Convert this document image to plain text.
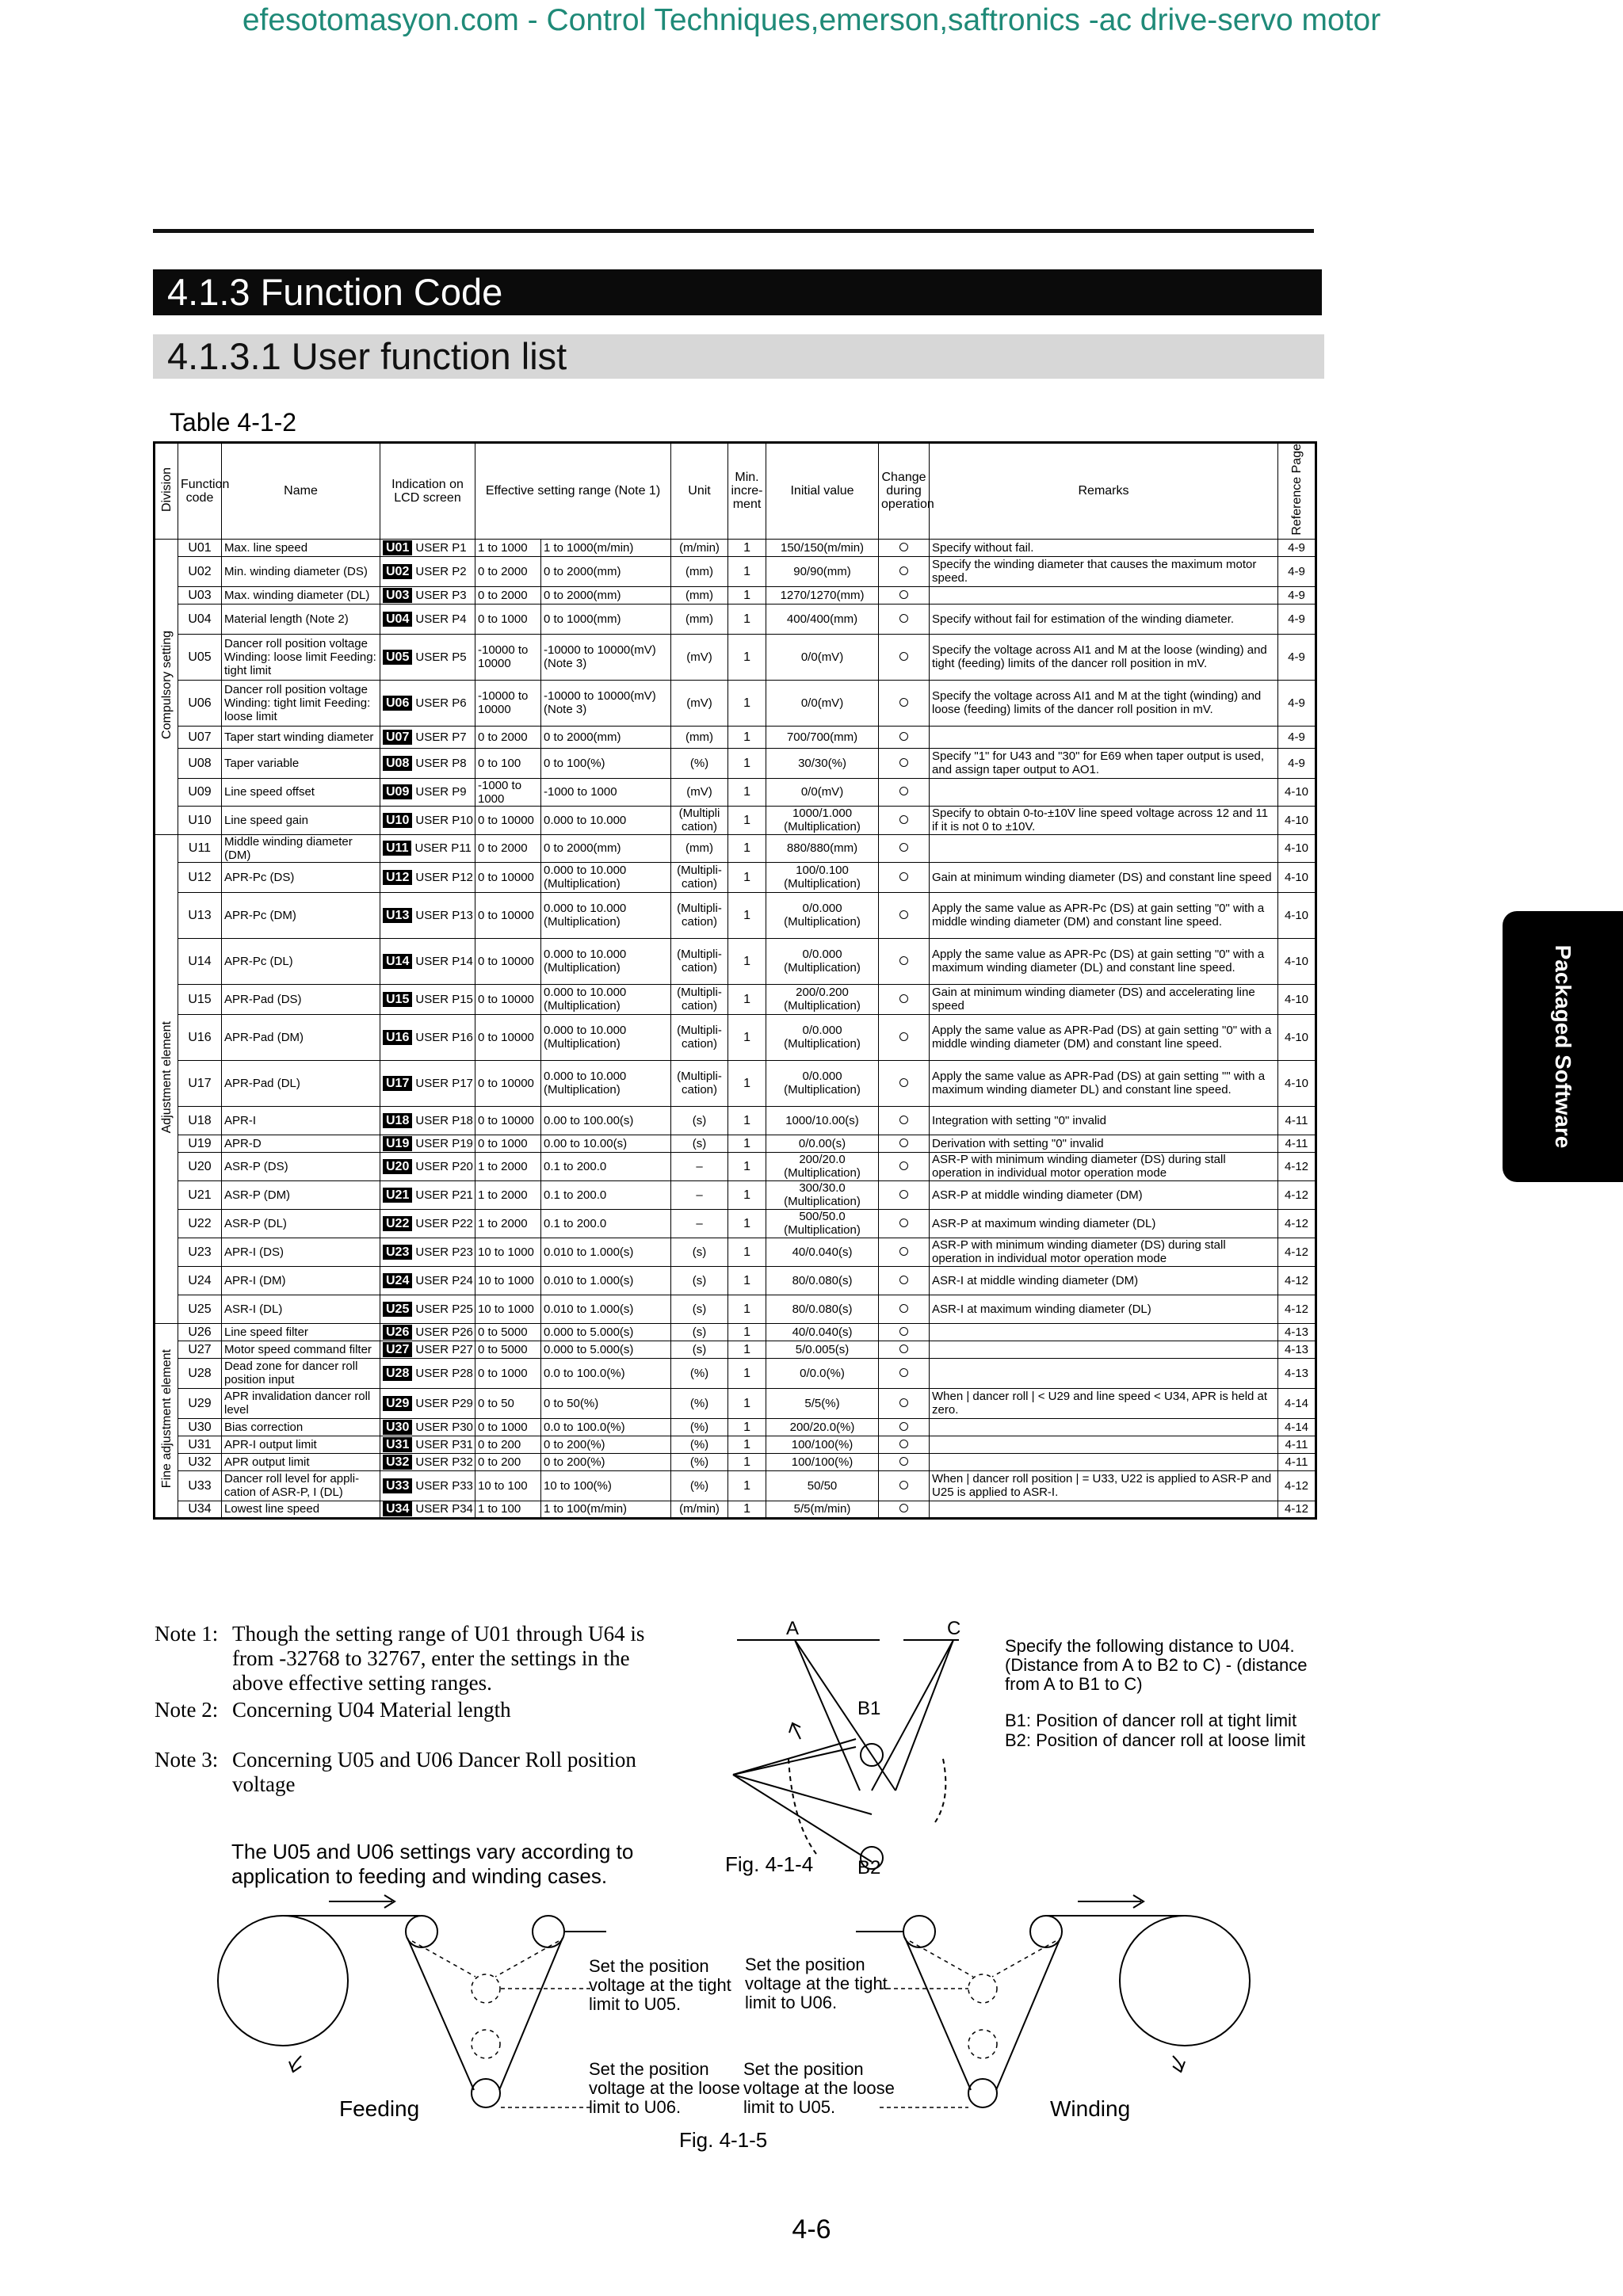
efesotomasyon.com - Control Techniques,emerson,saftronics -ac drive-servo motor
4.1.3 Function Code
4.1.3.1 User function list
Table 4-1-2
Division	Function code	Name	Indication on LCD screen	Effective setting range (Note 1)		Unit	Min. incre-ment	Initial value	Change during operation	Remarks	Reference Page
Compulsory setting	U01	Max. line speed	U01 USER P1	1 to 1000	1 to 1000(m/min)	(m/min)	1	150/150(m/min)		Specify without fail.	4-9
	U02	Min. winding diameter (DS)	U02 USER P2	0 to 2000	0 to 2000(mm)	(mm)	1	90/90(mm)		Specify the winding diameter that causes the maximum motor speed.	4-9
	U03	Max. winding diameter (DL)	U03 USER P3	0 to 2000	0 to 2000(mm)	(mm)	1	1270/1270(mm)			4-9
	U04	Material length (Note 2)	U04 USER P4	0 to 1000	0 to 1000(mm)	(mm)	1	400/400(mm)		Specify without fail for estimation of the winding diameter.	4-9
	U05	Dancer roll position voltage Winding: loose limit Feeding: tight limit	U05 USER P5	-10000 to 10000	-10000 to 10000(mV) (Note 3)	(mV)	1	0/0(mV)		Specify the voltage across AI1 and M at the loose (winding) and tight (feeding) limits of the dancer roll position in mV.	4-9
	U06	Dancer roll position voltage Winding: tight limit Feeding: loose limit	U06 USER P6	-10000 to 10000	-10000 to 10000(mV) (Note 3)	(mV)	1	0/0(mV)		Specify the voltage across AI1 and M at the tight (winding) and loose (feeding) limits of the dancer roll position in mV.	4-9
	U07	Taper start winding diameter	U07 USER P7	0 to 2000	0 to 2000(mm)	(mm)	1	700/700(mm)			4-9
	U08	Taper variable	U08 USER P8	0 to 100	0 to 100(%)	(%)	1	30/30(%)		Specify "1" for U43 and "30" for E69 when taper output is used, and assign taper output to AO1.	4-9
	U09	Line speed offset	U09 USER P9	-1000 to 1000	-1000 to 1000	(mV)	1	0/0(mV)			4-10
	U10	Line speed gain	U10 USER P10	0 to 10000	0.000 to 10.000	(Multipli cation)	1	1000/1.000 (Multiplication)		Specify to obtain 0-to-±10V line speed voltage across 12 and 11 if it is not 0 to ±10V.	4-10
Adjustment element	U11	Middle winding diameter (DM)	U11 USER P11	0 to 2000	0 to 2000(mm)	(mm)	1	880/880(mm)			4-10
	U12	APR-Pc (DS)	U12 USER P12	0 to 10000	0.000 to 10.000 (Multiplication)	(Multipli-cation)	1	100/0.100 (Multiplication)		Gain at minimum winding diameter (DS) and constant line speed	4-10
	U13	APR-Pc (DM)	U13 USER P13	0 to 10000	0.000 to 10.000 (Multiplication)	(Multipli-cation)	1	0/0.000 (Multiplication)		Apply the same value as APR-Pc (DS) at gain setting "0" with a middle winding diameter (DM) and constant line speed.	4-10
	U14	APR-Pc (DL)	U14 USER P14	0 to 10000	0.000 to 10.000 (Multiplication)	(Multipli-cation)	1	0/0.000 (Multiplication)		Apply the same value as APR-Pc (DS) at gain setting "0" with a maximum winding diameter (DL) and constant line speed.	4-10
	U15	APR-Pad (DS)	U15 USER P15	0 to 10000	0.000 to 10.000 (Multiplication)	(Multipli-cation)	1	200/0.200 (Multiplication)		Gain at minimum winding diameter (DS) and accelerating line speed	4-10
	U16	APR-Pad (DM)	U16 USER P16	0 to 10000	0.000 to 10.000 (Multiplication)	(Multipli-cation)	1	0/0.000 (Multiplication)		Apply the same value as APR-Pad (DS) at gain setting "0" with a middle winding diameter (DM) and constant line speed.	4-10
	U17	APR-Pad (DL)	U17 USER P17	0 to 10000	0.000 to 10.000 (Multiplication)	(Multipli-cation)	1	0/0.000 (Multiplication)		Apply the same value as APR-Pad (DS) at gain setting "" with a maximum winding diameter DL) and constant line speed.	4-10
	U18	APR-I	U18 USER P18	0 to 10000	0.00 to 100.00(s)	(s)	1	1000/10.00(s)		Integration with setting "0" invalid	4-11
	U19	APR-D	U19 USER P19	0 to 1000	0.00 to 10.00(s)	(s)	1	0/0.00(s)		Derivation with setting "0" invalid	4-11
	U20	ASR-P (DS)	U20 USER P20	1 to 2000	0.1 to 200.0	–	1	200/20.0 (Multiplication)		ASR-P with minimum winding diameter (DS) during stall operation in individual motor operation mode	4-12
	U21	ASR-P (DM)	U21 USER P21	1 to 2000	0.1 to 200.0	–	1	300/30.0 (Multiplication)		ASR-P at middle winding diameter (DM)	4-12
	U22	ASR-P (DL)	U22 USER P22	1 to 2000	0.1 to 200.0	–	1	500/50.0 (Multiplication)		ASR-P at maximum winding diameter (DL)	4-12
	U23	APR-I (DS)	U23 USER P23	10 to 1000	0.010 to 1.000(s)	(s)	1	40/0.040(s)		ASR-P with minimum winding diameter (DS) during stall operation in individual motor operation mode	4-12
	U24	APR-I (DM)	U24 USER P24	10 to 1000	0.010 to 1.000(s)	(s)	1	80/0.080(s)		ASR-I at middle winding diameter (DM)	4-12
	U25	ASR-I (DL)	U25 USER P25	10 to 1000	0.010 to 1.000(s)	(s)	1	80/0.080(s)		ASR-I at maximum winding diameter (DL)	4-12
Fine adjustment element	U26	Line speed filter	U26 USER P26	0 to 5000	0.000 to 5.000(s)	(s)	1	40/0.040(s)			4-13
	U27	Motor speed command filter	U27 USER P27	0 to 5000	0.000 to 5.000(s)	(s)	1	5/0.005(s)			4-13
	U28	Dead zone for dancer roll position input	U28 USER P28	0 to 1000	0.0 to 100.0(%)	(%)	1	0/0.0(%)			4-13
	U29	APR invalidation dancer roll level	U29 USER P29	0 to 50	0 to 50(%)	(%)	1	5/5(%)		When | dancer roll | < U29 and line speed < U34, APR is held at zero.	4-14
	U30	Bias correction	U30 USER P30	0 to 1000	0.0 to 100.0(%)	(%)	1	200/20.0(%)			4-14
	U31	APR-I output limit	U31 USER P31	0 to 200	0 to 200(%)	(%)	1	100/100(%)			4-11
	U32	APR output limit	U32 USER P32	0 to 200	0 to 200(%)	(%)	1	100/100(%)			4-11
	U33	Dancer roll level for appli-cation of ASR-P, I (DL)	U33 USER P33	10 to 100	10 to 100(%)	(%)	1	50/50		When | dancer roll position | = U33, U22 is applied to ASR-P and U25 is applied to ASR-I.	4-12
	U34	Lowest line speed	U34 USER P34	1 to 100	1 to 100(m/min)	(m/min)	1	5/5(m/min)			4-12
Packaged Software
Note 1: Though the setting range of U01 through U64 is from -32768 to 32767, enter the settings in the above effective setting ranges.
Note 2: Concerning U04 Material length
Note 3: Concerning U05 and U06 Dancer Roll position voltage
The U05 and U06 settings vary according to application to feeding and winding cases.
A	C
B1
B2
Fig. 4-1-4
Specify the following distance to U04. (Distance from A to B2 to C) - (distance from A to B1 to C)
B1: Position of dancer roll at tight limit
B2: Position of dancer roll at loose limit
Set the position voltage at the tight limit to U05.
Set the position voltage at the tight limit to U06.
Set the position voltage at the loose limit to U06.
Set the position voltage at the loose limit to U05.
Feeding	Winding
Fig. 4-1-5
4-6
